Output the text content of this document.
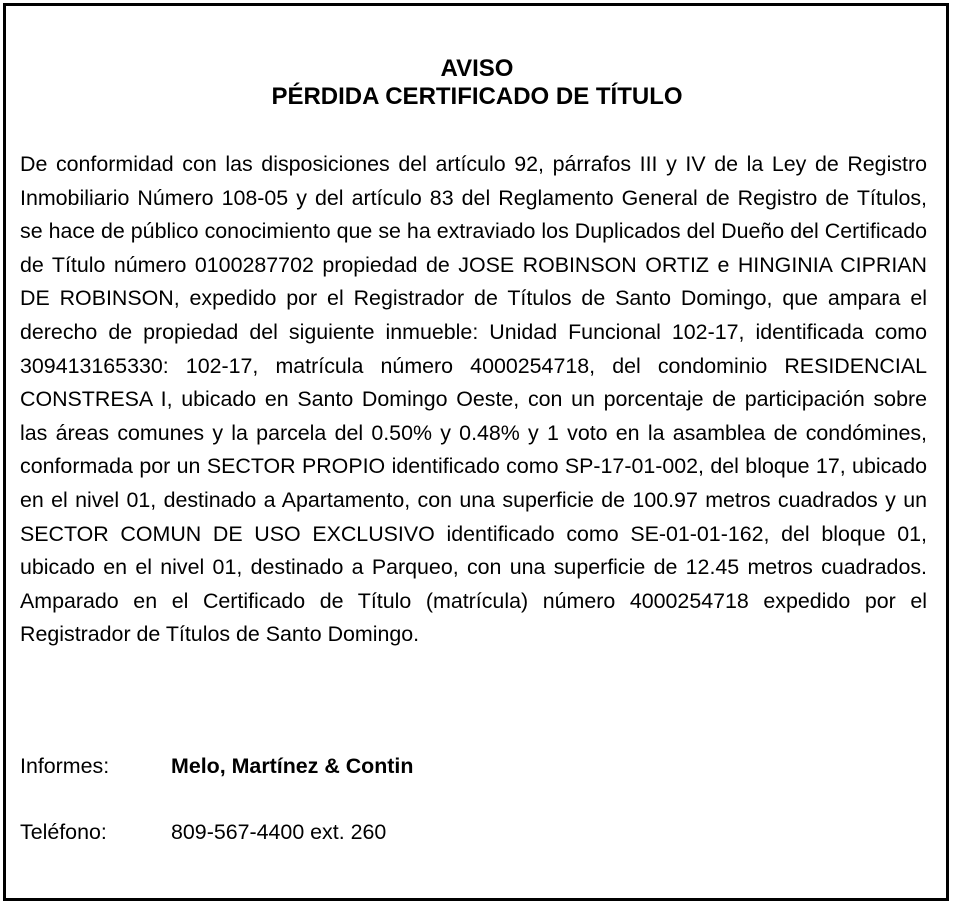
AVISO
PÉRDIDA CERTIFICADO DE TÍTULO

De conformidad con las disposiciones del artículo 92, párrafos III y IV de la Ley de Registro Inmobiliario Número 108-05 y del artículo 83 del Reglamento General de Registro de Títulos, se hace de público conocimiento que se ha extraviado los Duplicados del Dueño del Certificado de Título número 0100287702 propiedad de JOSE ROBINSON ORTIZ e HINGINIA CIPRIAN DE ROBINSON, expedido por el Registrador de Títulos de Santo Domingo, que ampara el derecho de propiedad del siguiente inmueble: Unidad Funcional 102-17, identificada como 309413165330: 102-17, matrícula número 4000254718, del condominio RESIDENCIAL CONSTRESA I, ubicado en Santo Domingo Oeste, con un porcentaje de participación sobre las áreas comunes y la parcela del 0.50% y 0.48% y 1 voto en la asamblea de condómines, conformada por un SECTOR PROPIO identificado como SP-17-01-002, del bloque 17, ubicado en el nivel 01, destinado a Apartamento, con una superficie de 100.97 metros cuadrados y un SECTOR COMUN DE USO EXCLUSIVO identificado como SE-01-01-162, del bloque 01, ubicado en el nivel 01, destinado a Parqueo, con una superficie de 12.45 metros cuadrados. Amparado en el Certificado de Título (matrícula) número 4000254718 expedido por el Registrador de Títulos de Santo Domingo.

Informes:	Melo, Martínez & Contin
Teléfono:	809-567-4400 ext. 260
